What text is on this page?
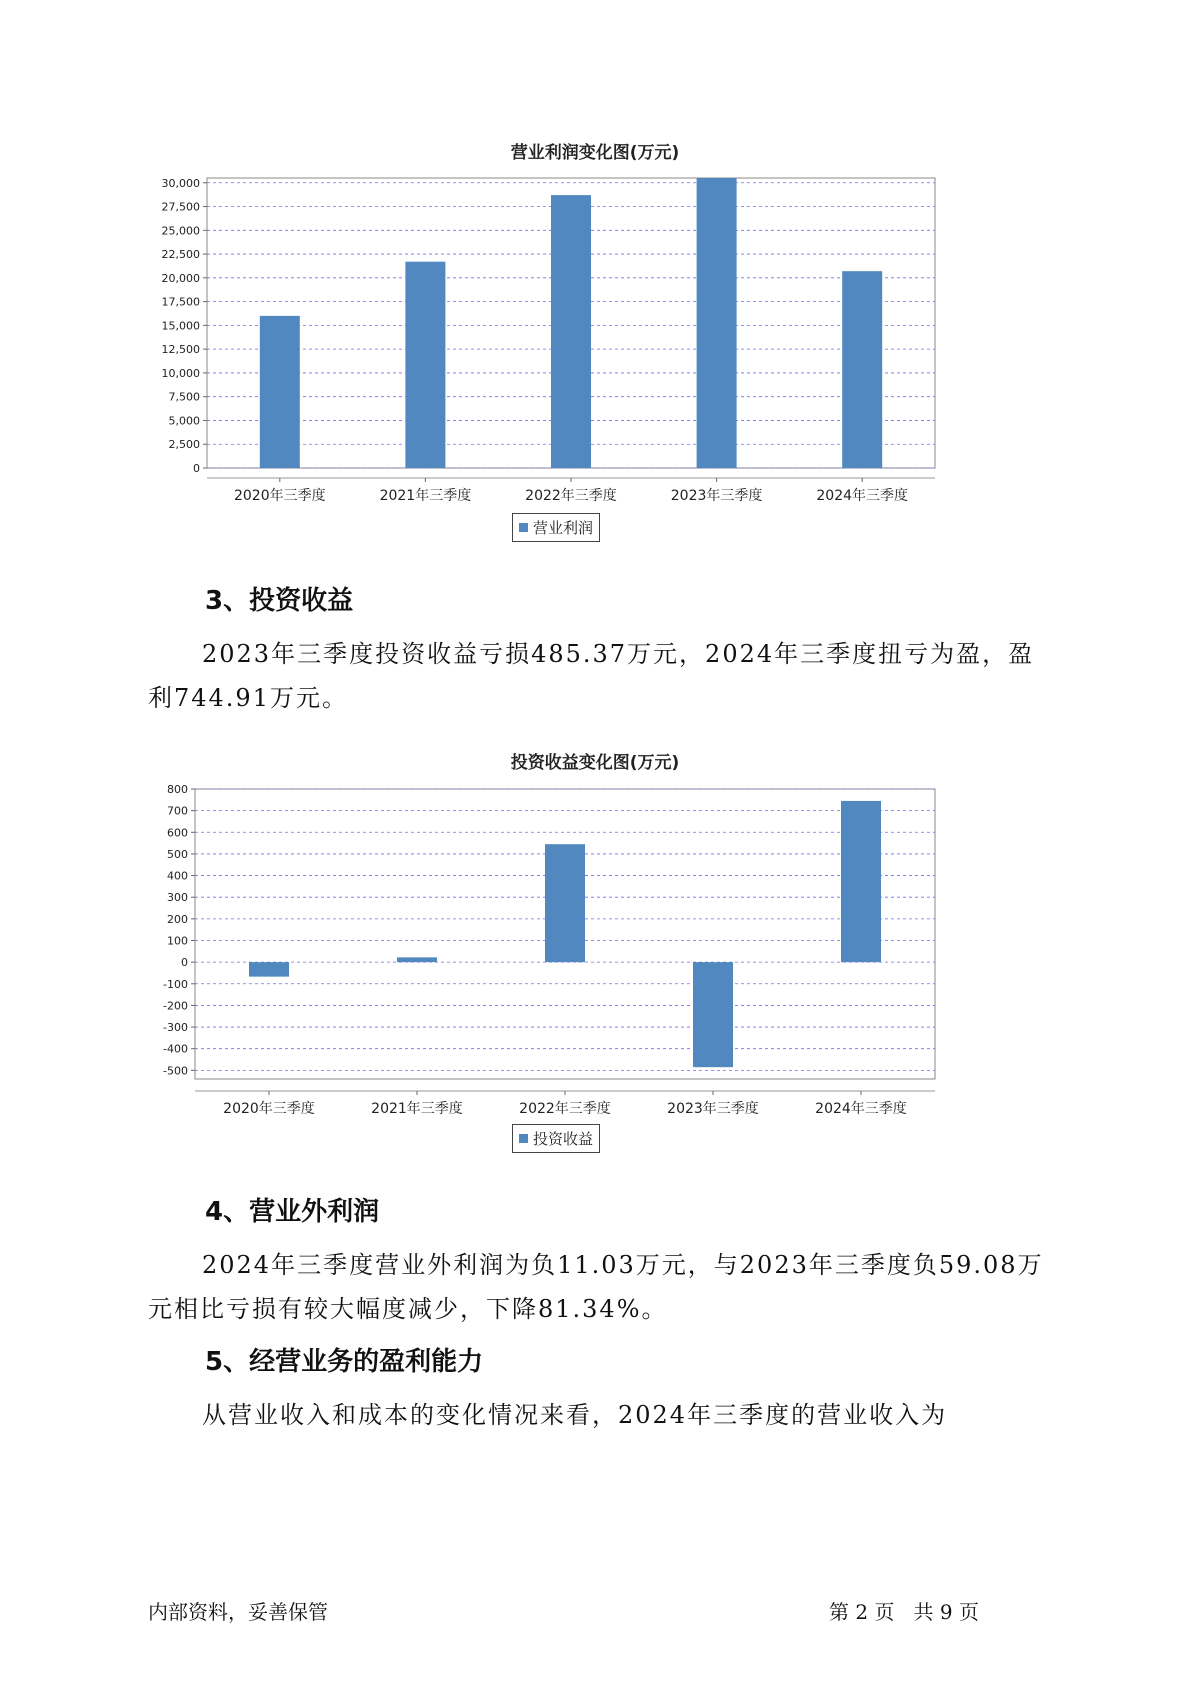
营业利润变化图(万元)
0
2,500
5,000
7,500
10,000
12,500
15,000
17,500
20,000
22,500
25,000
27,500
30,000
2020年三季度	2021年三季度	2022年三季度	2023年三季度	2024年三季度
营业利润
3、投资收益
2023年三季度投资收益亏损485.37万元，2024年三季度扭亏为盈，盈
利744.91万元。
投资收益变化图(万元)
-500
-400
-300
-200
-100
0
100
200
300
400
500
600
700
800
2020年三季度	2021年三季度	2022年三季度	2023年三季度	2024年三季度
投资收益
4、营业外利润
2024年三季度营业外利润为负11.03万元，与2023年三季度负59.08万
元相比亏损有较大幅度减少，下降81.34%。
5、经营业务的盈利能力
从营业收入和成本的变化情况来看，2024年三季度的营业收入为
内部资料，妥善保管	第 2 页   共 9 页
